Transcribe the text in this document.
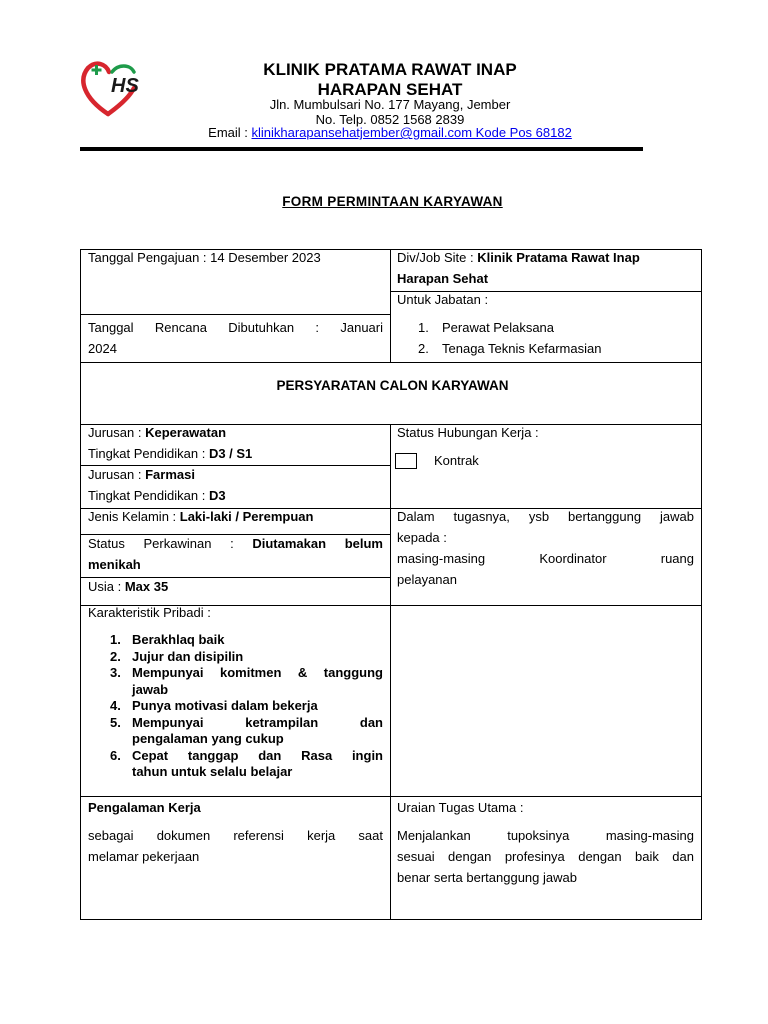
HS
KLINIK PRATAMA RAWAT INAP
HARAPAN SEHAT
Jln. Mumbulsari No. 177 Mayang, Jember
No. Telp. 0852 1568 2839
Email : klinikharapansehatjember@gmail.com Kode Pos 68182
FORM PERMINTAAN KARYAWAN
Tanggal Pengajuan : 14 Desember 2023	Div/Job Site : Klinik Pratama Rawat Inap
Harapan Sehat
Untuk Jabatan :
Tanggal Rencana Dibutuhkan : Januari
2024
1. Perawat Pelaksana
2. Tenaga Teknis Kefarmasian
PERSYARATAN CALON KARYAWAN
Jurusan : Keperawatan
Tingkat Pendidikan : D3 / S1
Jurusan : Farmasi
Tingkat Pendidikan : D3
Jenis Kelamin : Laki-laki / Perempuan
Status Perkawinan : Diutamakan belum
menikah
Usia : Max 35
Status Hubungan Kerja :
Kontrak
Dalam tugasnya, ysb bertanggung jawab
kepada :
masing-masing Koordinator ruang
pelayanan
Karakteristik Pribadi :
1. Berakhlaq baik
2. Jujur dan disipilin
3. Mempunyai komitmen & tanggung
jawab
4. Punya motivasi dalam bekerja
5. Mempunyai ketrampilan dan
pengalaman yang cukup
6. Cepat tanggap dan Rasa ingin
tahun untuk selalu belajar
Pengalaman Kerja
sebagai dokumen referensi kerja saat
melamar pekerjaan
Uraian Tugas Utama :
Menjalankan tupoksinya masing-masing
sesuai dengan profesinya dengan baik dan
benar serta bertanggung jawab
